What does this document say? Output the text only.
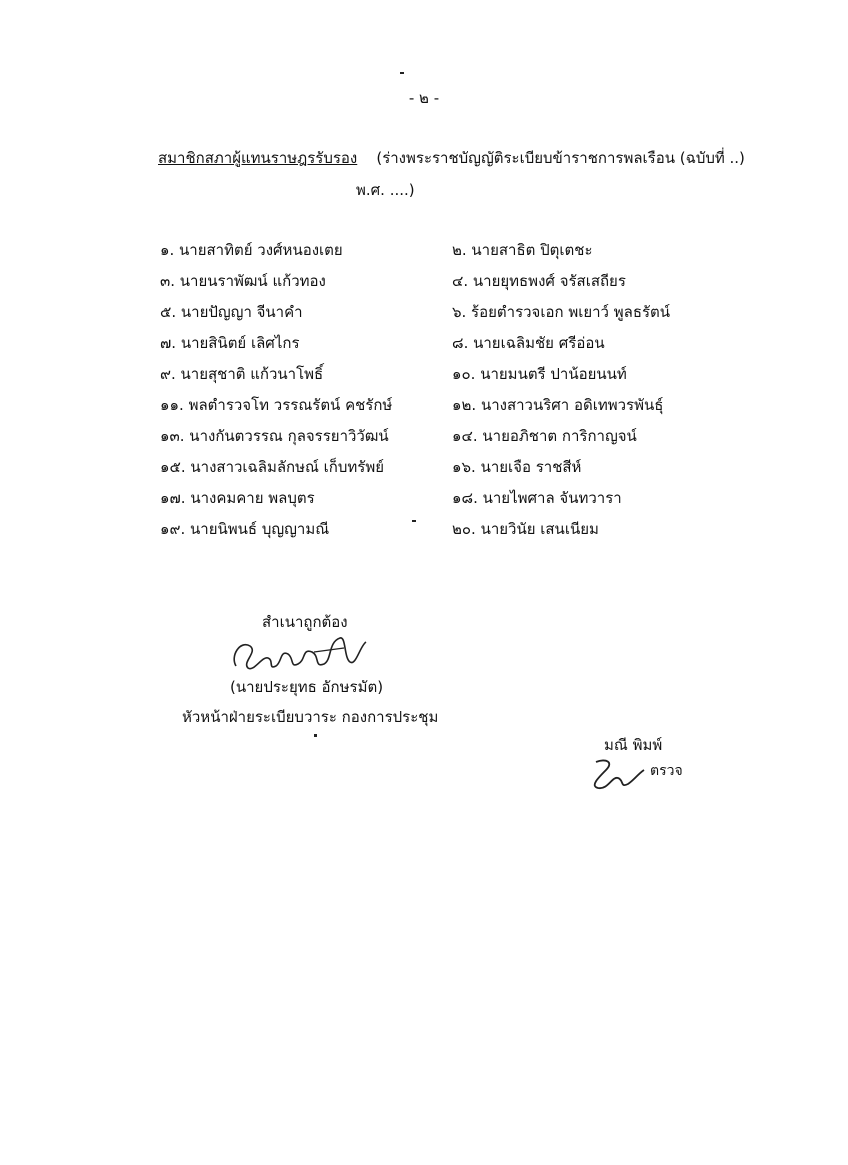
- ๒ -
สมาชิกสภาผู้แทนราษฎรรับรอง (ร่างพระราชบัญญัติระเบียบข้าราชการพลเรือน (ฉบับที่ ..)
พ.ศ. ....)
๑. นายสาทิตย์ วงศ์หนองเตย
๓. นายนราพัฒน์ แก้วทอง
๕. นายปัญญา จีนาคำ
๗. นายสินิตย์ เลิศไกร
๙. นายสุชาติ แก้วนาโพธิ์
๑๑. พลตำรวจโท วรรณรัตน์ คชรักษ์
๑๓. นางกันตวรรณ กุลจรรยาวิวัฒน์
๑๕. นางสาวเฉลิมลักษณ์ เก็บทรัพย์
๑๗. นางคมคาย พลบุตร
๑๙. นายนิพนธ์ บุญญามณี
๒. นายสาธิต ปิตุเตชะ
๔. นายยุทธพงศ์ จรัสเสถียร
๖. ร้อยตำรวจเอก พเยาว์ พูลธรัตน์
๘. นายเฉลิมชัย ศรีอ่อน
๑๐. นายมนตรี ปาน้อยนนท์
๑๒. นางสาวนริศา อดิเทพวรพันธุ์
๑๔. นายอภิชาต การิกาญจน์
๑๖. นายเจือ ราชสีห์
๑๘. นายไพศาล จันทวารา
๒๐. นายวินัย เสนเนียม
สำเนาถูกต้อง
(นายประยุทธ อักษรมัต)
หัวหน้าฝ่ายระเบียบวาระ กองการประชุม
มณี พิมพ์
ตรวจ
